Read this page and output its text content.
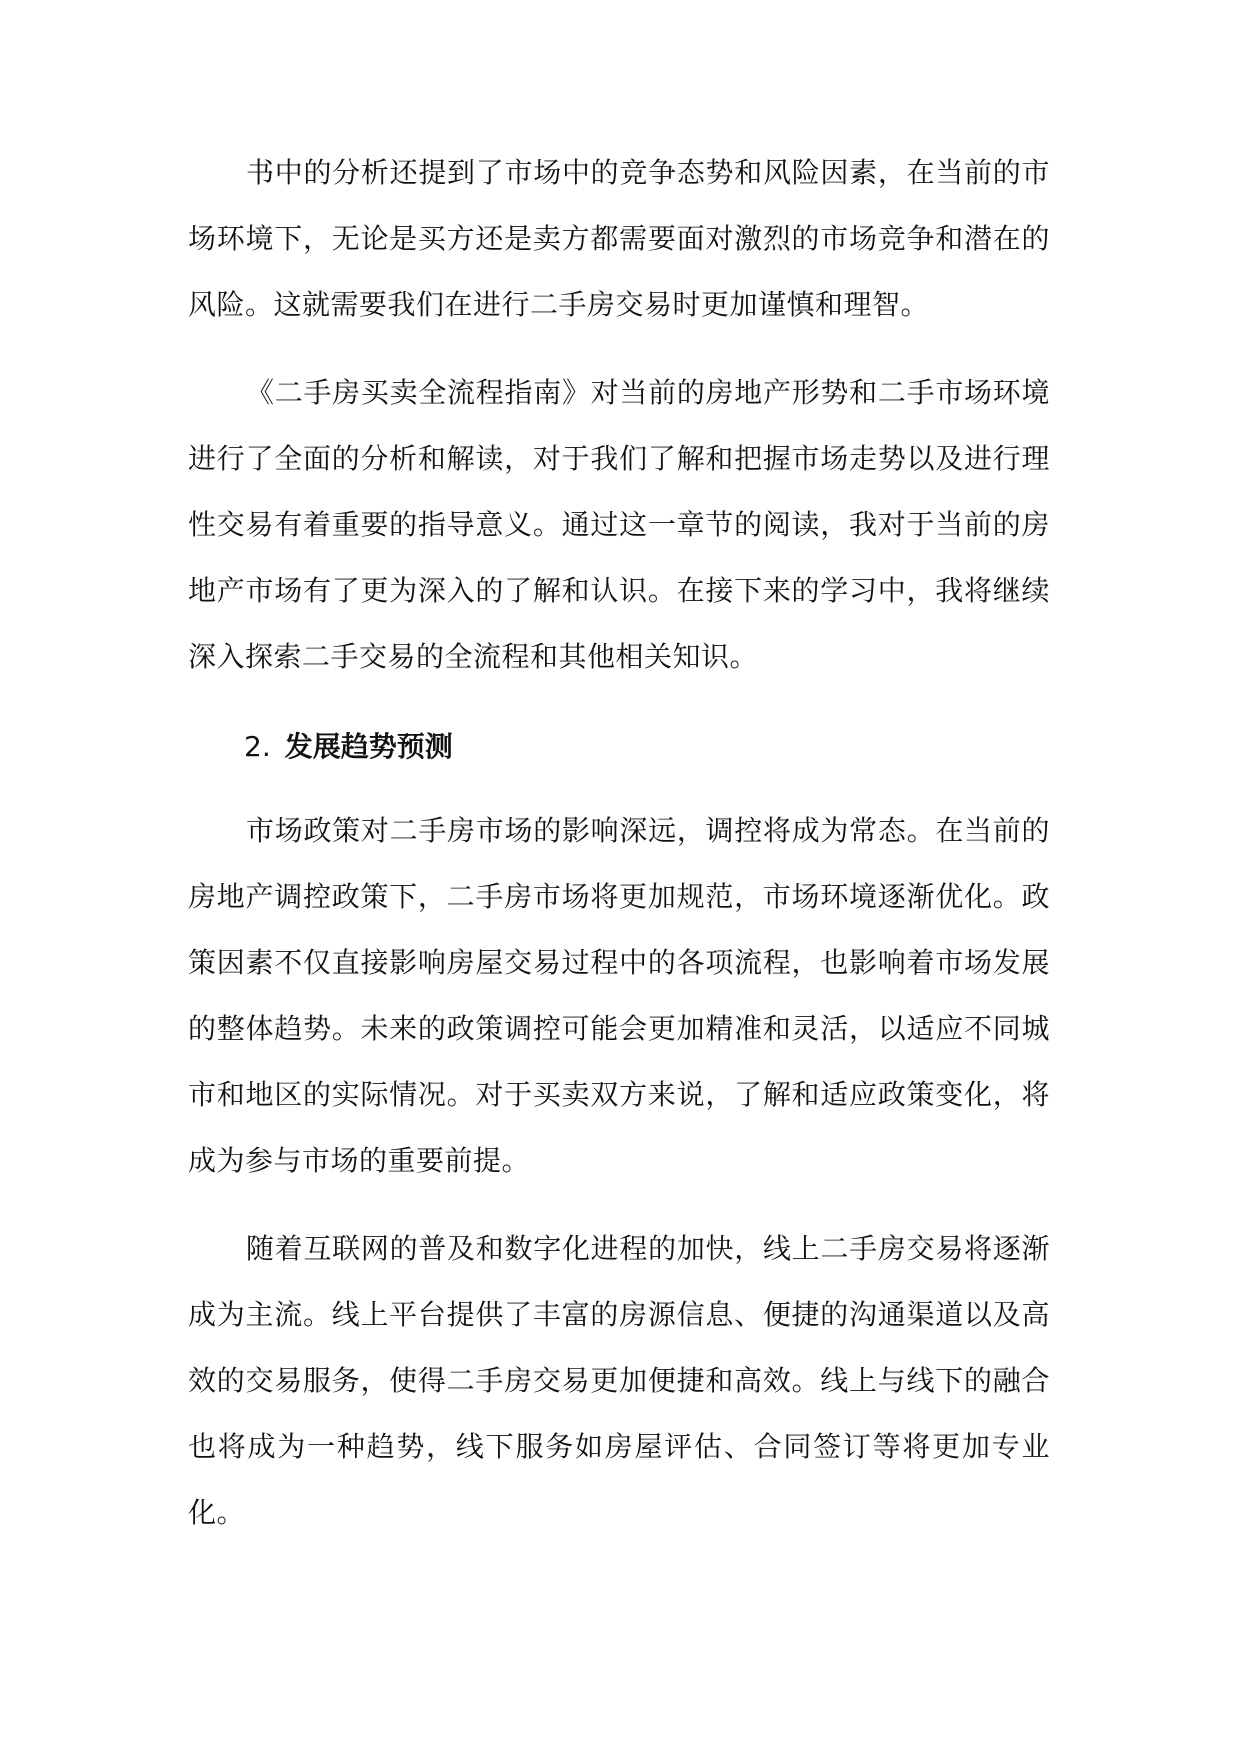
书中的分析还提到了市场中的竞争态势和风险因素，在当前的市场环境下，无论是买方还是卖方都需要面对激烈的市场竞争和潜在的风险。这就需要我们在进行二手房交易时更加谨慎和理智。

《二手房买卖全流程指南》对当前的房地产形势和二手市场环境进行了全面的分析和解读，对于我们了解和把握市场走势以及进行理性交易有着重要的指导意义。通过这一章节的阅读，我对于当前的房地产市场有了更为深入的了解和认识。在接下来的学习中，我将继续深入探索二手交易的全流程和其他相关知识。

2. 发展趋势预测

市场政策对二手房市场的影响深远，调控将成为常态。在当前的房地产调控政策下，二手房市场将更加规范，市场环境逐渐优化。政策因素不仅直接影响房屋交易过程中的各项流程，也影响着市场发展的整体趋势。未来的政策调控可能会更加精准和灵活，以适应不同城市和地区的实际情况。对于买卖双方来说，了解和适应政策变化，将成为参与市场的重要前提。

随着互联网的普及和数字化进程的加快，线上二手房交易将逐渐成为主流。线上平台提供了丰富的房源信息、便捷的沟通渠道以及高效的交易服务，使得二手房交易更加便捷和高效。线上与线下的融合也将成为一种趋势，线下服务如房屋评估、合同签订等将更加专业化。
